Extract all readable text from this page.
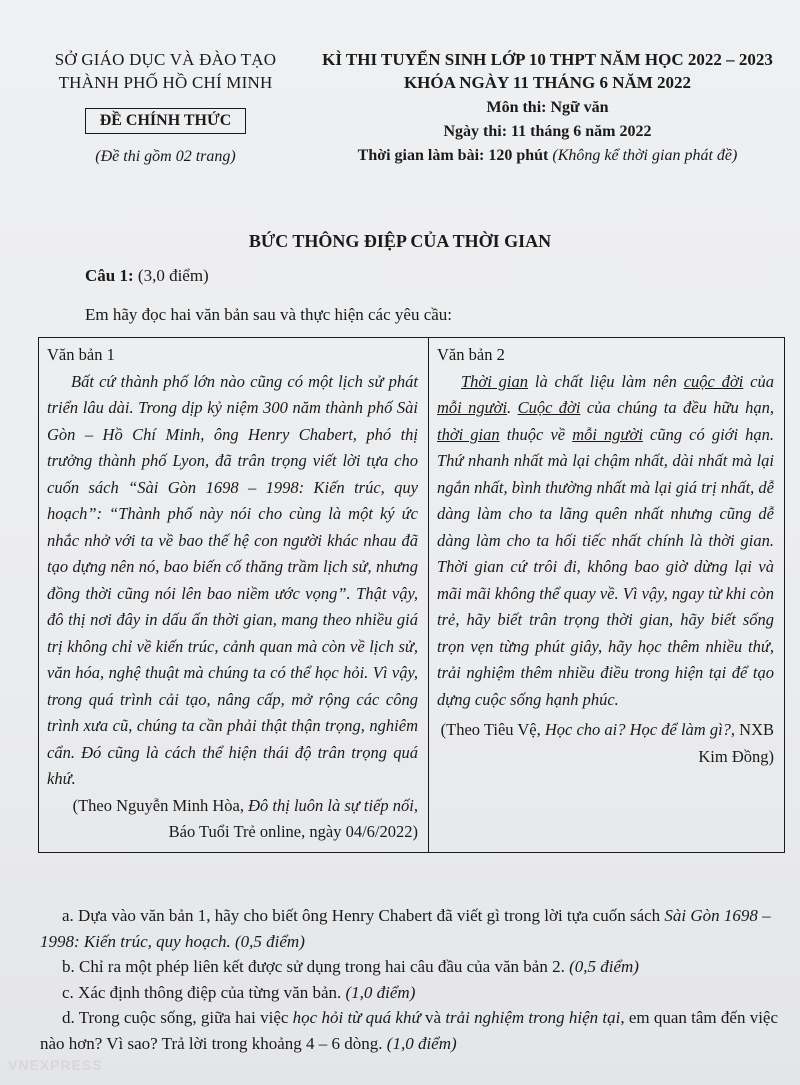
SỞ GIÁO DỤC VÀ ĐÀO TẠO
THÀNH PHỐ HỒ CHÍ MINH
ĐỀ CHÍNH THỨC
(Đề thi gồm 02 trang)
KÌ THI TUYỂN SINH LỚP 10 THPT NĂM HỌC 2022 – 2023
KHÓA NGÀY 11 THÁNG 6 NĂM 2022
Môn thi: Ngữ văn
Ngày thi: 11 tháng 6 năm 2022
Thời gian làm bài: 120 phút (Không kể thời gian phát đề)
BỨC THÔNG ĐIỆP CỦA THỜI GIAN
Câu 1: (3,0 điểm)
Em hãy đọc hai văn bản sau và thực hiện các yêu cầu:
Văn bản 1
Bất cứ thành phố lớn nào cũng có một lịch sử phát triển lâu dài. Trong dịp kỷ niệm 300 năm thành phố Sài Gòn – Hồ Chí Minh, ông Henry Chabert, phó thị trưởng thành phố Lyon, đã trân trọng viết lời tựa cho cuốn sách “Sài Gòn 1698 – 1998: Kiến trúc, quy hoạch”: “Thành phố này nói cho cùng là một ký ức nhắc nhở với ta về bao thế hệ con người khác nhau đã tạo dựng nên nó, bao biến cố thăng trầm lịch sử, nhưng đồng thời cũng nói lên bao niềm ước vọng”. Thật vậy, đô thị nơi đây in dấu ấn thời gian, mang theo nhiều giá trị không chỉ về kiến trúc, cảnh quan mà còn về lịch sử, văn hóa, nghệ thuật mà chúng ta có thể học hỏi. Vì vậy, trong quá trình cải tạo, nâng cấp, mở rộng các công trình xưa cũ, chúng ta cần phải thật thận trọng, nghiêm cẩn. Đó cũng là cách thể hiện thái độ trân trọng quá khứ.
(Theo Nguyễn Minh Hòa, Đô thị luôn là sự tiếp nối, Báo Tuổi Trẻ online, ngày 04/6/2022)

Văn bản 2
Thời gian là chất liệu làm nên cuộc đời của mỗi người. Cuộc đời của chúng ta đều hữu hạn, thời gian thuộc về mỗi người cũng có giới hạn. Thứ nhanh nhất mà lại chậm nhất, dài nhất mà lại ngắn nhất, bình thường nhất mà lại giá trị nhất, dễ dàng làm cho ta lãng quên nhất nhưng cũng dễ dàng làm cho ta hối tiếc nhất chính là thời gian. Thời gian cứ trôi đi, không bao giờ dừng lại và mãi mãi không thể quay về. Vì vậy, ngay từ khi còn trẻ, hãy biết trân trọng thời gian, hãy biết sống trọn vẹn từng phút giây, hãy học thêm nhiều thứ, trải nghiệm thêm nhiều điều trong hiện tại để tạo dựng cuộc sống hạnh phúc.
(Theo Tiêu Vệ, Học cho ai? Học để làm gì?, NXB Kim Đồng)

a. Dựa vào văn bản 1, hãy cho biết ông Henry Chabert đã viết gì trong lời tựa cuốn sách Sài Gòn 1698 – 1998: Kiến trúc, quy hoạch. (0,5 điểm)

b. Chỉ ra một phép liên kết được sử dụng trong hai câu đầu của văn bản 2. (0,5 điểm)

c. Xác định thông điệp của từng văn bản. (1,0 điểm)

d. Trong cuộc sống, giữa hai việc học hỏi từ quá khứ và trải nghiệm trong hiện tại, em quan tâm đến việc nào hơn? Vì sao? Trả lời trong khoảng 4 – 6 dòng. (1,0 điểm)

VNEXPRESS
